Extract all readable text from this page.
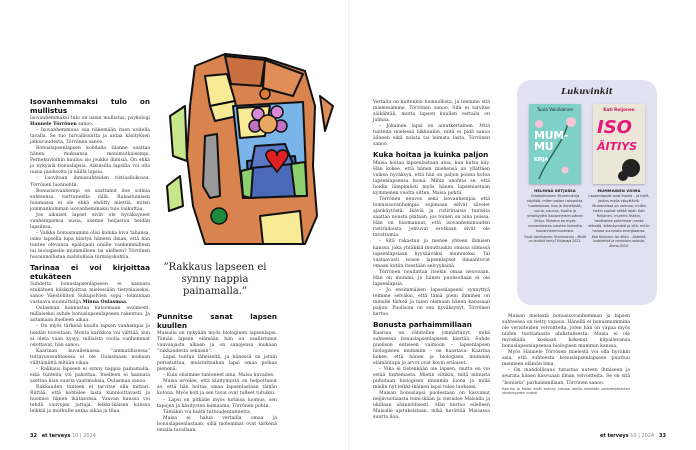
Isovanhemmaksi tulo on mullistus

Isovanhemmaksi tulo on usein mullistus, psykologi Hannele Törrönen sanoo.

– Isovanhemmuus saa näkemään itsen uudella tavalla. Se tuo turvallisuutta ja antaa käsityksen jatkuvuudesta, Törrönen sanoo.

Bonuslapsenlapsen kohdalla tilanne saattaa hänen mukaansa monimutkaisempi. Perhekuvioihin kuuluu iso joukko ihmisiä. On ehkä jo nykyisiä bonuslapsia. Aikuisilla lapsilla voi olla uusia puolisoita ja näillä lapsia.

– Luovitaan ihmissuhteiden ristiaallokossa, Törrönen luonnehtii.

Bonusisovanhempi on saattanut itse solmia suhteensa varttuneella iällä. Rakastumisen huumassa ei ole ehkä ehditty miettiä, miten jommankumman isovanhemmaksi tulo vaikuttaa.

Jos aikuiset lapset eivät ole hyväksyneet vanhempiensa uusia, asenne heijastuu heidän lapsiinsa.

– Vaikka bonusmummi olisi kuinka kiva tahansa, onko lapsella lupa kiintyä häneen ilman, että hän tuntee olevansa epälojaali omille vanhemmilleen tai biologiselle mummilleen tai ukilleen? Törrönen havainnollistaa mahdollisia törmäyskohtia.

Tarinaa ei voi kirjoittaa etukäteen

Suhdetta bonuslapsenlapseen ei kannata etukäteen käsikirjoittaa mielessään tietynlaiseksi, sanoo Väestöliiton Sukupolvien sopu -toiminnan vastaava suunnittelija Minna Oulasmaa.

Oulasmaa kannustaa katsomaan avoimesti, millaiseksi suhde bonuslapsenlapseen rakentuu. Ja antamaan itselleen aikaa.

– On myös tärkeää kuulla lapsen vanhempia ja heidän toiveitaan. Monta karikkoa voi välttää, kun ei oleta vaan kysyy, millaista roolia vanhemmat odottavat, hän sanoo.

Kaarinan kuvailemassa ”ammatillisessa” tuttavuussuhteessa ei ole Oulasmaan mukaan välttämättä mitään vikaa.

– Rakkaus lapseen ei synny nappia painamalla, eikä tunteita voi pakottaa. Itselleen ei kannata asettaa liian suuria vaatimuksia, Oulasmaa sanoo.

Rakkauden tunteen ei tarvitse olla mittari. Riittää, että kohtelee lasta kunnioittavasti ja huomioi hänen ikätasonsa. Vauvan kanssa voi tehdä vauvojen juttuja, leikki-ikäisen kanssa leikkiä ja murkulle antaa aikaa ja tilaa.

”Rakkaus lapseen ei synny nappia painamalla.”
Punnitse sanat lapsen kuullen

Maisalla on nykyään myös biologinen lapsenlapsi. Tämän lapsen elämään hän on osallistunut vauvaajasta alkaen ja on sanojensa mukaan ”rakkaudesta sekaisin”.

Lapsi tuntuu läheiseltä, ja hänessä on jotain perustuttua, muistuttaahan lapsi omaa poikaa pienenä.

– Kuin olisimme tunteneet aina, Maisa kuvailee.

Maisa arvelee, että kiintymystä on helpottanut se, että hän hoitaa omaa lapsenlastaan tämän kotona. Myös koti ja sen tavat ovat tulleet tutuiksi.

– Lapsi on pitkälle myös kotinsa luomus, sen tapojen ja käsitysten leimaama, Törrönen pohtii.

Tämäkin voi lisätä tuttuudentunnetta.

Maisa ei halua vertailla omaa ja bonuslapsenlastaan, sillä molemmat ovat tärkeitä omalla tavallaan.

32 et terveys 10 | 2024

Vertailu on kuitenkin luonnollista, ja teemme sitä mielessämme, Törrönen sanoo. Sitä ei tarvitse säikähtää, mutta lapsen kuullen vertailu on julmaa.

– Jokainen lapsi on ainutkertainen. Mitä tunteita mielessä liikkuukin, niitä ei pidä sanoa ääneen eikä nolata tai leimata lasta, Törrönen sanoo.

Kuka hoitaa ja kuinka paljon

Maisa hoitaa lapsenlastaan aina, kun kutsu käy. Hän kokee, että hänen miehensä on yllättäen vaikea hyväksyä, että hän on paljon poissa kotoa lapsenlapsensa luona. Mihin unohtui se, että hoidin lämpimästi myös hänen lapsenlastaan kymmenen vuotta sitten, Maisa pohtii.

Törrönen neuvoo sekä isovanhempia että bonusisovanhempia sopimaan selvät sävelet ajankäytöstä. Ikäviä ja ristiriitaisia tunteita saattaa nousta pintaan, jos toinen on aina poissa. Hän on huomannut, että isovanhemmuuden ristiriidoista johtuvat erotkaan eivät ole tavattomia.

– Sitä rakastuu ja menee yhteen ihmisen kanssa, joka yhtäkkiä muuttuukin omissa silmissä lapsenlapsiaan hyysääväksi mummoksi. Tai vastaavasti toisen lapsenlapset ilmaantuvat omaan kotiin itsestään selvyyksinä.

Törrönen noudattaa itsekin omaa neuvoaan. Hän on mummi, ja hänen puolisollaan ei ole lapsenlapsia.

– Jo ensimmäisen lapsenlapseni synnyttyä teimme selväksi, että tämä pieni ihminen on minulle tärkeä ja tulen olemaan hänen kanssaan paljon. Puolisoni on sen hyväksynyt, Törrönen kertoo.

Bonusta parhaimmillaan

Kaarina on vähitellen ymmärtänyt, mikä suhteessa bonuslapsenlapseen hiertää. Suhde puolison entiseen vaimoon – lapsenlapsen biologiseen mummiin – on haastava. Kaarina kokee, että hänen ja biologisen mummin elämäntapa ja arvot ovat kovin erilaiset.

– Vika ei tietenkään ole lapsen, mutta en voi estää tuntemasta. Mietin siltikin, mitä minusta puhutaan biologisen mummin luona ja millä mielin nyt leikki-ikäinen lapsi tulee luokseni.

Maisan bonuslapsi puolestaan on kasvanut neljävuotiaasta teini-ikään ja vierailee Maisalla ja ukillaan säännöllisesti. Hän kertoo edelleen Maisalle ajatuksistaan, mikä herättää Maisassa suurta iloa.

Lukuvinkit
Tuula Vainikainen
MUM-MU
KIRJA
HELMINÄ KETJUSSA
Omakohtainen Mummukirja näyttää, miten paljon rakkautta, huolenpitoa, iloa ja ihmetystä, surua, naurua, huolta ja yhteisyyttä isovanhemmuuteen liittyy. Mukana on myös monenlaisten naisten tarinoita isovanhemmuudesta.
Tuula Vainikainen: Mummukirja – Mistä on isoäidit tehty? Kirjapaja 2021.
Kati Reijonen
ISO
ÄITIYS
MUMMIUDEN VOIMA
Lapsenlapset ovat ihania – ja kyllä, joskus myös väsyttäviä. Mummeissa on voimaa, mutta hekin saavat vetää rajat. Kati Reijonen, mummi itsekin, herättelee pohtimaan omaa elämää, ikääntymistä ja sitä, mihin haluaa suunnata energiaansa.
Kati Reijonen: Iso äitiys – Äideistä, isoäideistä ja vanhoista naisista. Atena 2024.

Maisan mielestä bonusisovanhemman ja lapsen suhteessa on tietty vapaus. Hänellä ei bonusmummina ole verisiteiden velvoitteita, joten hän on vapaa myös niiden tuottamasta ahdistuksesta. Maisa ei ole myöskään koskaan kokenut kilpailevansa bonuslapsenlapsensa biologisen mummin kanssa.

Myös Hannele Törrösen mielestä voi olla hyväkin asia, että suhteesta bonuslapsenlapseen puuttuu menneen elämän lima.

– On mahdollisuus tutustua uuteen ihmiseen ja seurata hänen kasvuaan ilman velvoitteita. Se on sitä ”bonusta” parhaimmillaan, Törrönen sanoo.

Kaarina ja Maisa eivät esiinny jutussa omilla nimillään perheenjäsenten yksityisyyden vuoksi.

et terveys 10 | 2024 33
